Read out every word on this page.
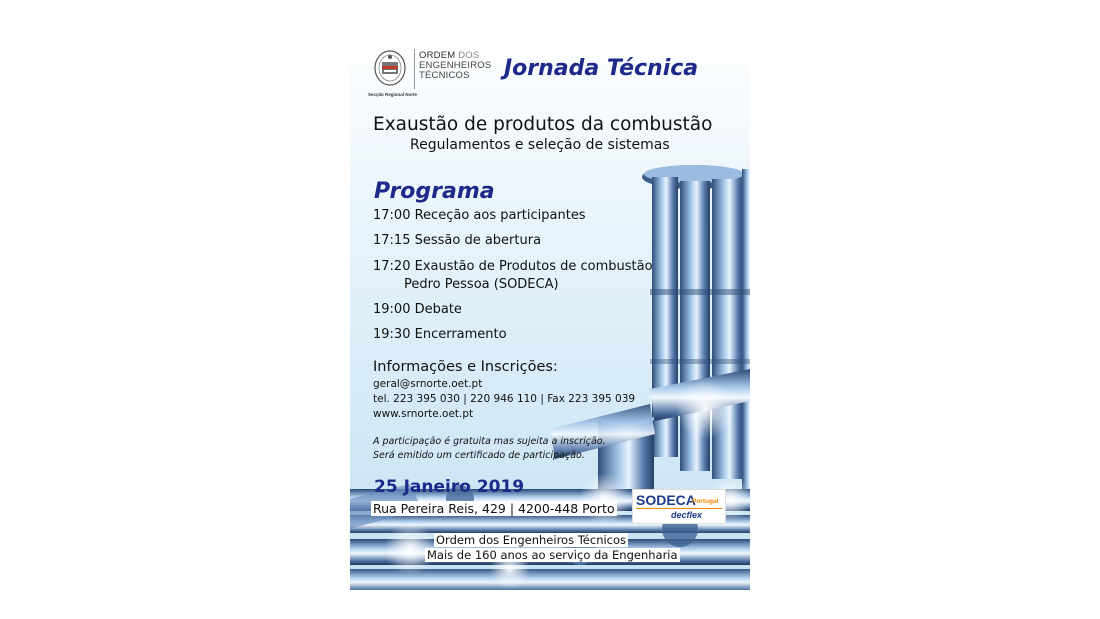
Secção Regional Norte
ORDEM DOS
ENGENHEIROS
TÉCNICOS	Jornada Técnica
Exaustão de produtos da combustão
Regulamentos e seleção de sistemas
Programa
17:00 Receção aos participantes
17:15 Sessão de abertura
17:20 Exaustão de Produtos de combustão
Pedro Pessoa (SODECA)
19:00 Debate
19:30 Encerramento
Informações e Inscrições:
geral@srnorte.oet.pt
tel. 223 395 030 | 220 946 110 | Fax 223 395 039
www.srnorte.oet.pt
A participação é gratuita mas sujeita a inscrição.
Será emitido um certificado de participação.
25 Janeiro 2019
Rua Pereira Reis, 429 | 4200-448 Porto
SODECA
Portugal
decflex
Ordem dos Engenheiros Técnicos
Mais de 160 anos ao serviço da Engenharia
